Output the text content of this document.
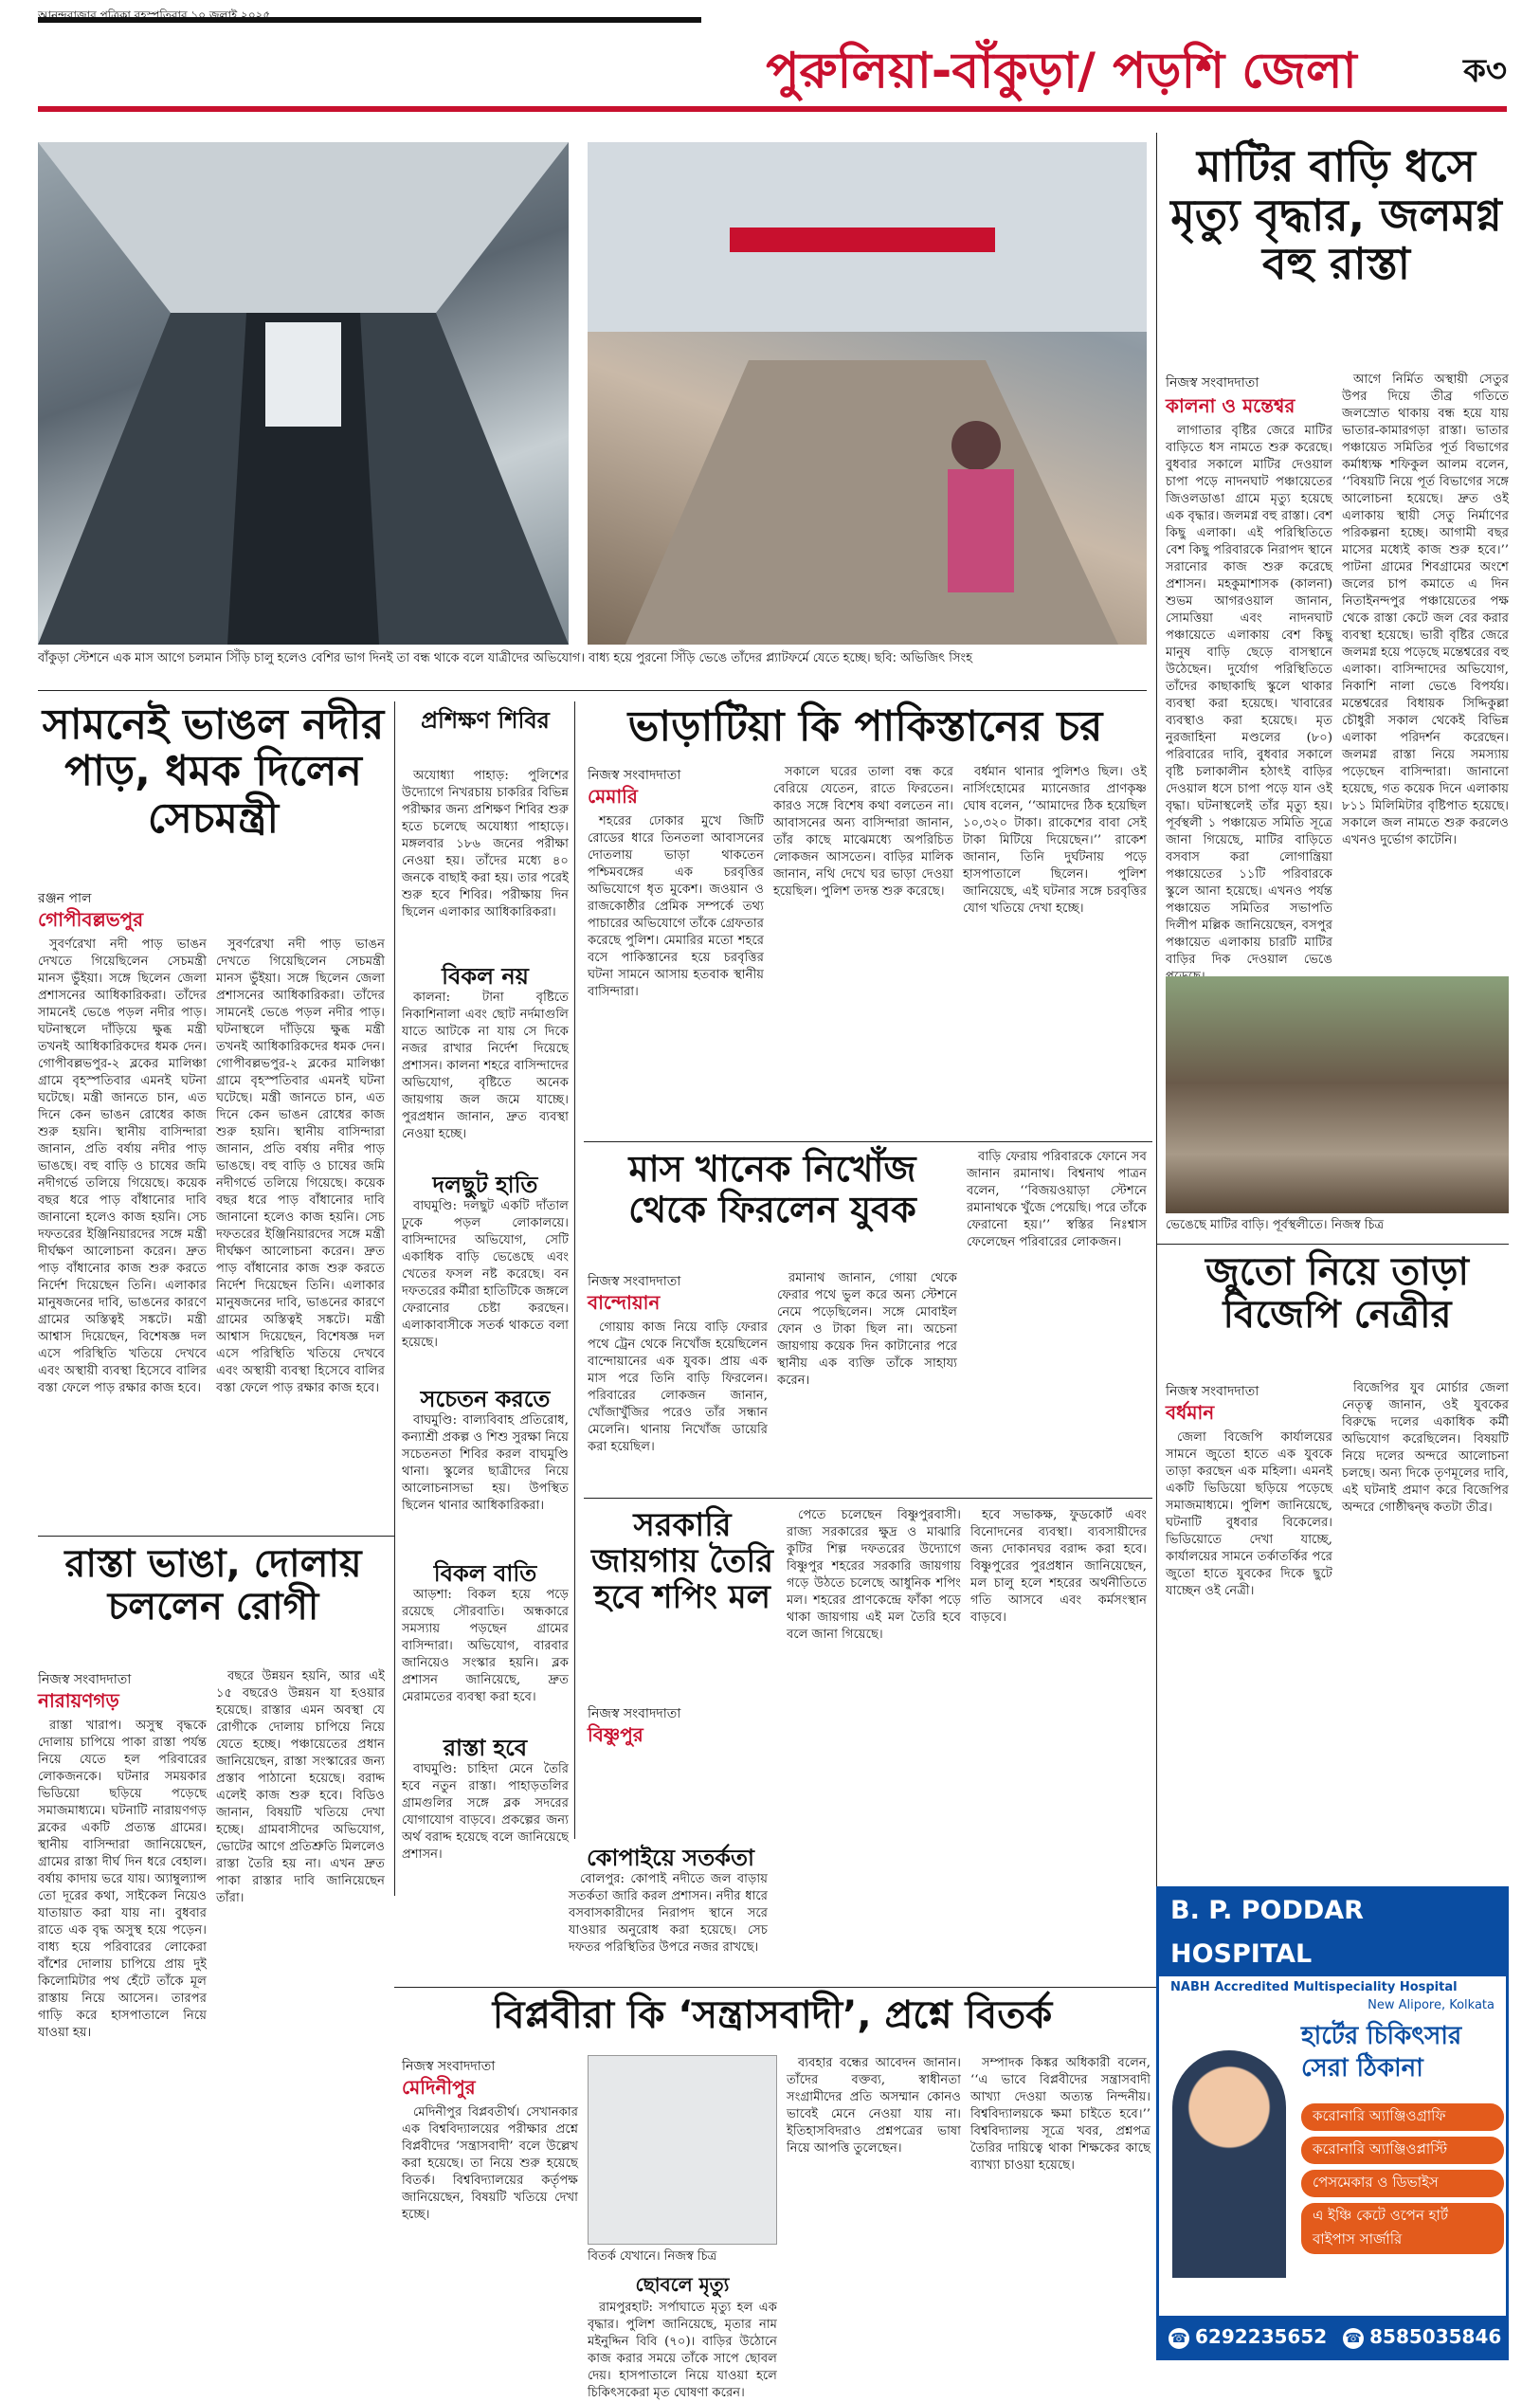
আনন্দবাজার পত্রিকা বৃহস্পতিবার ১০ জুলাই ২০২৫
পুরুলিয়া-বাঁকুড়া/ পড়শি জেলা	ক৩
বাঁকুড়া স্টেশনে এক মাস আগে চলমান সিঁড়ি চালু হলেও বেশির ভাগ দিনই তা বন্ধ থাকে বলে যাত্রীদের অভিযোগ। বাধ্য হয়ে পুরনো সিঁড়ি ভেঙে তাঁদের প্ল্যাটফর্মে যেতে হচ্ছে। ছবি: অভিজিৎ সিংহ
মাটির বাড়ি ধসে মৃত্যু বৃদ্ধার, জলমগ্ন বহু রাস্তা
নিজস্ব সংবাদদাতা
কালনা ও মন্তেশ্বর

লাগাতার বৃষ্টির জেরে মাটির বাড়িতে ধস নামতে শুরু করেছে। বুধবার সকালে মাটির দেওয়াল চাপা পড়ে নাদনঘাট পঞ্চায়েতের জিওলডাঙা গ্রামে মৃত্যু হয়েছে এক বৃদ্ধার। জলমগ্ন বহু রাস্তা। বেশ কিছু এলাকা। এই পরিস্থিতিতে বেশ কিছু পরিবারকে নিরাপদ স্থানে সরানোর কাজ শুরু করেছে প্রশাসন। মহকুমাশাসক (কালনা) শুভম আগরওয়াল জানান, সোমত্তিয়া এবং নাদনঘাট পঞ্চায়েতে এলাকায় বেশ কিছু মানুষ বাড়ি ছেড়ে বাসস্থানে উঠেছেন। দুর্যোগ পরিস্থিতিতে তাঁদের কাছাকাছি স্কুলে থাকার ব্যবস্থা করা হয়েছে। খাবারের ব্যবস্থাও করা হয়েছে। মৃত নুরজাহিনা মণ্ডলের (৮০) পরিবারের দাবি, বুধবার সকালে বৃষ্টি চলাকালীন হঠাৎই বাড়ির দেওয়াল ধসে চাপা পড়ে যান ওই বৃদ্ধা। ঘটনাস্থলেই তাঁর মৃত্যু হয়। পূর্বস্থলী ১ পঞ্চায়েত সমিতি সূত্রে জানা গিয়েছে, মাটির বাড়িতে বসবাস করা লোগান্ত্রিয়া পঞ্চায়েতের ১১টি পরিবারকে স্কুলে আনা হয়েছে। এখনও পর্যন্ত পঞ্চায়েত সমিতির সভাপতি দিলীপ মল্লিক জানিয়েছেন, বসপুর পঞ্চায়েত এলাকায় চারটি মাটির বাড়ির দিক দেওয়াল ভেঙে

আগে নির্মিত অস্থায়ী সেতুর উপর দিয়ে তীব্র গতিতে জলস্রোত থাকায় বন্ধ হয়ে যায় ভাতার-কামারগড়া রাস্তা। ভাতার পঞ্চায়েত সমিতির পূর্ত বিভাগের কর্মাধ্যক্ষ শফিকুল আলম বলেন, ‘‘বিষয়টি নিয়ে পূর্ত বিভাগের সঙ্গে আলোচনা হয়েছে। দ্রুত ওই এলাকায় স্থায়ী সেতু নির্মাণের পরিকল্পনা হচ্ছে। আগামী বছর মাসের মধ্যেই কাজ শুরু হবে।’’ পাটনা গ্রামের শিবগ্রামের অংশে জলের চাপ কমাতে এ দিন নিতাইনন্দপুর পঞ্চায়েতের পক্ষ থেকে রাস্তা কেটে জল বের করার ব্যবস্থা হয়েছে। ভারী বৃষ্টির জেরে জলমগ্ন হয়ে পড়েছে মন্তেশ্বরের বহু এলাকা। বাসিন্দাদের অভিযোগ, নিকাশি নালা ভেঙে বিপর্যয়। মন্তেশ্বরের বিধায়ক সিদ্দিকুল্লা চৌধুরী সকাল থেকেই বিভিন্ন এলাকা পরিদর্শন করেছেন। জলমগ্ন রাস্তা নিয়ে সমস্যায় পড়েছেন বাসিন্দারা। জানানো হয়েছে, গত কয়েক দিনে এলাকায় ৮১১ মিলিমিটার বৃষ্টিপাত হয়েছে। সকালে জল নামতে শুরু করলেও এখনও দুর্ভোগ কাটেনি।

ভেঙেছে মাটির বাড়ি। পূর্বস্থলীতে। নিজস্ব চিত্র
সামনেই ভাঙল নদীর পাড়, ধমক দিলেন সেচমন্ত্রী
রঞ্জন পাল
গোপীবল্লভপুর

সুবর্ণরেখা নদী পাড় ভাঙন দেখতে গিয়েছিলেন সেচমন্ত্রী মানস ভুঁইয়া। সঙ্গে ছিলেন জেলা প্রশাসনের আধিকারিকরা। তাঁদের সামনেই ভেঙে পড়ল নদীর পাড়। ঘটনাস্থলে দাঁড়িয়ে ক্ষুব্ধ মন্ত্রী তখনই আধিকারিকদের ধমক দেন। গোপীবল্লভপুর-২ ব্লকের মালিঞ্চা গ্রামে বৃহস্পতিবার এমনই ঘটনা ঘটেছে। মন্ত্রী জানতে চান, এত দিনে কেন ভাঙন রোধের কাজ শুরু হয়নি। স্থানীয় বাসিন্দারা জানান, প্রতি বর্ষায় নদীর পাড় ভাঙছে। বহু বাড়ি ও চাষের জমি নদীগর্ভে তলিয়ে গিয়েছে। কয়েক বছর ধরে পাড় বাঁধানোর দাবি জানানো হলেও কাজ হয়নি। সেচ দফতরের ইঞ্জিনিয়ারদের সঙ্গে মন্ত্রী দীর্ঘক্ষণ আলোচনা করেন। দ্রুত পাড় বাঁধানোর কাজ শুরু করতে নির্দেশ দিয়েছেন তিনি। এলাকার মানুষজনের দাবি, ভাঙনের কারণে গ্রামের অস্তিত্বই সঙ্কটে। মন্ত্রী আশ্বাস দিয়েছেন, বিশেষজ্ঞ দল এসে পরিস্থিতি খতিয়ে দেখবে এবং অস্থায়ী ব্যবস্থা হিসেবে বালির বস্তা ফেলে পাড় রক্ষার কাজ হবে।

সুবর্ণরেখা নদী পাড় ভাঙন দেখতে গিয়েছিলেন সেচমন্ত্রী মানস ভুঁইয়া। সঙ্গে ছিলেন জেলা প্রশাসনের আধিকারিকরা। তাঁদের সামনেই ভেঙে পড়ল নদীর পাড়। ঘটনাস্থলে দাঁড়িয়ে ক্ষুব্ধ মন্ত্রী তখনই আধিকারিকদের ধমক দেন। গোপীবল্লভপুর-২ ব্লকের মালিঞ্চা গ্রামে বৃহস্পতিবার এমনই ঘটনা ঘটেছে। মন্ত্রী জানতে চান, এত দিনে কেন ভাঙন রোধের কাজ শুরু হয়নি। স্থানীয় বাসিন্দারা জানান, প্রতি বর্ষায় নদীর পাড় ভাঙছে। বহু বাড়ি ও চাষের জমি নদীগর্ভে তলিয়ে গিয়েছে। কয়েক বছর ধরে পাড় বাঁধানোর দাবি জানানো হলেও কাজ হয়নি। সেচ দফতরের ইঞ্জিনিয়ারদের সঙ্গে মন্ত্রী দীর্ঘক্ষণ আলোচনা করেন। দ্রুত পাড় বাঁধানোর কাজ শুরু করতে নির্দেশ দিয়েছেন তিনি। এলাকার মানুষজনের দাবি, ভাঙনের কারণে গ্রামের অস্তিত্বই সঙ্কটে। মন্ত্রী আশ্বাস দিয়েছেন, বিশেষজ্ঞ দল এসে পরিস্থিতি খতিয়ে দেখবে এবং অস্থায়ী ব্যবস্থা হিসেবে বালির বস্তা ফেলে পাড় রক্ষার কাজ হবে।

রাস্তা ভাঙা, দোলায় চললেন রোগী
নিজস্ব সংবাদদাতা
নারায়ণগড়

রাস্তা খারাপ। অসুস্থ বৃদ্ধকে দোলায় চাপিয়ে পাকা রাস্তা পর্যন্ত নিয়ে যেতে হল পরিবারের লোকজনকে। ঘটনার সময়কার ভিডিয়ো ছড়িয়ে পড়েছে সমাজমাধ্যমে। ঘটনাটি নারায়ণগড় ব্লকের একটি প্রত্যন্ত গ্রামের। স্থানীয় বাসিন্দারা জানিয়েছেন, গ্রামের রাস্তা দীর্ঘ দিন ধরে বেহাল। বর্ষায় কাদায় ভরে যায়। অ্যাম্বুল্যান্স তো দূরের কথা, সাইকেল নিয়েও যাতায়াত করা যায় না। বুধবার রাতে এক বৃদ্ধ অসুস্থ হয়ে পড়েন। বাধ্য হয়ে পরিবারের লোকেরা বাঁশের দোলায় চাপিয়ে প্রায় দুই কিলোমিটার পথ হেঁটে তাঁকে মূল রাস্তায় নিয়ে আসেন। তারপর গাড়ি করে হাসপাতালে নিয়ে যাওয়া হয়।

বছরে উন্নয়ন হয়নি, আর এই ১৫ বছরেও উন্নয়ন যা হওয়ার হয়েছে। রাস্তার এমন অবস্থা যে রোগীকে দোলায় চাপিয়ে নিয়ে যেতে হচ্ছে। পঞ্চায়েতের প্রধান জানিয়েছেন, রাস্তা সংস্কারের জন্য প্রস্তাব পাঠানো হয়েছে। বরাদ্দ এলেই কাজ শুরু হবে। বিডিও জানান, বিষয়টি খতিয়ে দেখা হচ্ছে। গ্রামবাসীদের অভিযোগ, ভোটের আগে প্রতিশ্রুতি মিললেও রাস্তা তৈরি হয় না। এখন দ্রুত পাকা রাস্তার দাবি জানিয়েছেন তাঁরা।

প্রশিক্ষণ শিবির

অযোধ্যা পাহাড়: পুলিশের উদ্যোগে নিখরচায় চাকরির বিভিন্ন পরীক্ষার জন্য প্রশিক্ষণ শিবির শুরু হতে চলেছে অযোধ্যা পাহাড়ে। মঙ্গলবার ১৮৬ জনের পরীক্ষা নেওয়া হয়। তাঁদের মধ্যে ৪০ জনকে বাছাই করা হয়। তার পরেই শুরু হবে শিবির। পরীক্ষায় দিন ছিলেন এলাকার আধিকারিকরা।

বিকল নয়

কালনা: টানা বৃষ্টিতে নিকাশিনালা এবং ছোট নর্দমাগুলি যাতে আটকে না যায় সে দিকে নজর রাখার নির্দেশ দিয়েছে প্রশাসন। কালনা শহরে বাসিন্দাদের অভিযোগ, বৃষ্টিতে অনেক জায়গায় জল জমে যাচ্ছে। পুরপ্রধান জানান, দ্রুত ব্যবস্থা নেওয়া হচ্ছে।

দলছুট হাতি

বাঘমুণ্ডি: দলছুট একটি দাঁতাল ঢুকে পড়ল লোকালয়ে। বাসিন্দাদের অভিযোগ, সেটি একাধিক বাড়ি ভেঙেছে এবং খেতের ফসল নষ্ট করেছে। বন দফতরের কর্মীরা হাতিটিকে জঙ্গলে ফেরানোর চেষ্টা করছেন। এলাকাবাসীকে সতর্ক থাকতে বলা হয়েছে।

সচেতন করতে

বাঘমুণ্ডি: বাল্যবিবাহ প্রতিরোধ, কন্যাশ্রী প্রকল্প ও শিশু সুরক্ষা নিয়ে সচেতনতা শিবির করল বাঘমুণ্ডি থানা। স্কুলের ছাত্রীদের নিয়ে আলোচনাসভা হয়। উপস্থিত ছিলেন থানার আধিকারিকরা।

বিকল বাতি

আড়শা: বিকল হয়ে পড়ে রয়েছে সৌরবাতি। অন্ধকারে সমস্যায় পড়ছেন গ্রামের বাসিন্দারা। অভিযোগ, বারবার জানিয়েও সংস্কার হয়নি। ব্লক প্রশাসন জানিয়েছে, দ্রুত মেরামতের ব্যবস্থা করা হবে।

রাস্তা হবে

বাঘমুণ্ডি: চাহিদা মেনে তৈরি হবে নতুন রাস্তা। পাহাড়তলির গ্রামগুলির সঙ্গে ব্লক সদরের যোগাযোগ বাড়বে। প্রকল্পের জন্য অর্থ বরাদ্দ হয়েছে বলে জানিয়েছে প্রশাসন।	কোপাইয়ে সতর্কতা

বোলপুর: কোপাই নদীতে জল বাড়ায় সতর্কতা জারি করল প্রশাসন। নদীর ধারে বসবাসকারীদের নিরাপদ স্থানে সরে যাওয়ার অনুরোধ করা হয়েছে। সেচ দফতর পরিস্থিতির উপরে নজর রাখছে।

ভাড়াটিয়া কি পাকিস্তানের চর
নিজস্ব সংবাদদাতা
মেমারি

শহরের ঢোকার মুখে জিটি রোডের ধারে তিনতলা আবাসনের দোতলায় ভাড়া থাকতেন পশ্চিমবঙ্গের এক চরবৃত্তির অভিযোগে ধৃত মুকেশ। জওয়ান ও রাজকোষ্ঠীর প্রেমিক সম্পর্কে তথ্য পাচারের অভিযোগে তাঁকে গ্রেফতার করেছে পুলিশ। মেমারির মতো শহরে বসে পাকিস্তানের হয়ে চরবৃত্তির ঘটনা সামনে আসায় হতবাক স্থানীয় বাসিন্দারা।

সকালে ঘরের তালা বন্ধ করে বেরিয়ে যেতেন, রাতে ফিরতেন। কারও সঙ্গে বিশেষ কথা বলতেন না। আবাসনের অন্য বাসিন্দারা জানান, তাঁর কাছে মাঝেমধ্যে অপরিচিত লোকজন আসতেন। বাড়ির মালিক জানান, নথি দেখে ঘর ভাড়া দেওয়া হয়েছিল। পুলিশ তদন্ত শুরু করেছে।

বর্ধমান থানার পুলিশও ছিল। ওই নার্সিংহোমের ম্যানেজার প্রাণকৃষ্ণ ঘোষ বলেন, ‘‘আমাদের ঠিক হয়েছিল ১০,৩২০ টাকা। রাকেশের বাবা সেই টাকা মিটিয়ে দিয়েছেন।’’ রাকেশ জানান, তিনি দুর্ঘটনায় পড়ে হাসপাতালে ছিলেন। পুলিশ জানিয়েছে, এই ঘটনার সঙ্গে চরবৃত্তির যোগ খতিয়ে দেখা হচ্ছে।

মাস খানেক নিখোঁজ থেকে ফিরলেন যুবক
নিজস্ব সংবাদদাতা
বান্দোয়ান

গোয়ায় কাজ নিয়ে বাড়ি ফেরার পথে ট্রেন থেকে নিখোঁজ হয়েছিলেন বান্দোয়ানের এক যুবক। প্রায় এক মাস পরে তিনি বাড়ি ফিরলেন। পরিবারের লোকজন জানান, খোঁজাখুঁজির পরেও তাঁর সন্ধান মেলেনি। থানায় নিখোঁজ ডায়েরি করা হয়েছিল।

রমানাথ জানান, গোয়া থেকে ফেরার পথে ভুল করে অন্য স্টেশনে নেমে পড়েছিলেন। সঙ্গে মোবাইল ফোন ও টাকা ছিল না। অচেনা জায়গায় কয়েক দিন কাটানোর পরে স্থানীয় এক ব্যক্তি তাঁকে সাহায্য করেন।

বাড়ি ফেরায় পরিবারকে ফোনে সব জানান রমানাথ। বিশ্বনাথ পাত্রন বলেন, ‘‘বিজয়ওয়াড়া স্টেশনে রমানাথকে খুঁজে পেয়েছি। পরে তাঁকে ফেরানো হয়।’’ স্বস্তির নিঃশ্বাস ফেলেছেন পরিবারের লোকজন।

সরকারি জায়গায় তৈরি হবে শপিং মল
নিজস্ব সংবাদদাতা
বিষ্ণুপুর

পেতে চলেছেন বিষ্ণুপুরবাসী। রাজ্য সরকারের ক্ষুদ্র ও মাঝারি কুটির শিল্প দফতরের উদ্যোগে বিষ্ণুপুর শহরের সরকারি জায়গায় গড়ে উঠতে চলেছে আধুনিক শপিং মল। শহরের প্রাণকেন্দ্রে ফাঁকা পড়ে থাকা জায়গায় এই মল তৈরি হবে বলে জানা গিয়েছে।

হবে সভাকক্ষ, ফুডকোর্ট এবং বিনোদনের ব্যবস্থা। ব্যবসায়ীদের জন্য দোকানঘর বরাদ্দ করা হবে। বিষ্ণুপুরের পুরপ্রধান জানিয়েছেন, মল চালু হলে শহরের অর্থনীতিতে গতি আসবে এবং কর্মসংস্থান বাড়বে।

বিপ্লবীরা কি ‘সন্ত্রাসবাদী’, প্রশ্নে বিতর্ক
নিজস্ব সংবাদদাতা
মেদিনীপুর

মেদিনীপুর বিপ্লবতীর্থ। সেখানকার এক বিশ্ববিদ্যালয়ের পরীক্ষার প্রশ্নে বিপ্লবীদের ‘সন্ত্রাসবাদী’ বলে উল্লেখ করা হয়েছে। তা নিয়ে শুরু হয়েছে বিতর্ক। বিশ্ববিদ্যালয়ের কর্তৃপক্ষ জানিয়েছেন, বিষয়টি খতিয়ে দেখা হচ্ছে।

বিতর্ক যেখানে। নিজস্ব চিত্র

ব্যবহার বন্ধের আবেদন জানান। তাঁদের বক্তব্য, স্বাধীনতা সংগ্রামীদের প্রতি অসম্মান কোনও ভাবেই মেনে নেওয়া যায় না। ইতিহাসবিদরাও প্রশ্নপত্রের ভাষা নিয়ে আপত্তি তুলেছেন।

সম্পাদক কিঙ্কর অধিকারী বলেন, ‘‘এ ভাবে বিপ্লবীদের সন্ত্রাসবাদী আখ্যা দেওয়া অত্যন্ত নিন্দনীয়। বিশ্ববিদ্যালয়কে ক্ষমা চাইতে হবে।’’ বিশ্ববিদ্যালয় সূত্রে খবর, প্রশ্নপত্র তৈরির দায়িত্বে থাকা শিক্ষকের কাছে ব্যাখ্যা চাওয়া হয়েছে।

ছোবলে মৃত্যু

রামপুরহাট: সর্পাঘাতে মৃত্যু হল এক বৃদ্ধার। পুলিশ জানিয়েছে, মৃতার নাম মইনুদ্দিন বিবি (৭০)। বাড়ির উঠোনে কাজ করার সময়ে তাঁকে সাপে ছোবল দেয়। হাসপাতালে নিয়ে যাওয়া হলে চিকিৎসকেরা মৃত ঘোষণা করেন।

জুতো নিয়ে তাড়া বিজেপি নেত্রীর
নিজস্ব সংবাদদাতা
বর্ধমান

জেলা বিজেপি কার্যালয়ের সামনে জুতো হাতে এক যুবকে তাড়া করছেন এক মহিলা। এমনই একটি ভিডিয়ো ছড়িয়ে পড়েছে সমাজমাধ্যমে। পুলিশ জানিয়েছে, ঘটনাটি বুধবার বিকেলের। ভিডিয়োতে দেখা যাচ্ছে, কার্যালয়ের সামনে তর্কাতর্কির পরে জুতো হাতে যুবকের দিকে ছুটে যাচ্ছেন ওই নেত্রী।

বিজেপির যুব মোর্চার জেলা নেতৃত্ব জানান, ওই যুবকের বিরুদ্ধে দলের একাধিক কর্মী অভিযোগ করেছিলেন। বিষয়টি নিয়ে দলের অন্দরে আলোচনা চলছে। অন্য দিকে তৃণমূলের দাবি, এই ঘটনাই প্রমাণ করে বিজেপির অন্দরে গোষ্ঠীদ্বন্দ্ব কতটা তীব্র।

B. P. PODDAR HOSPITAL
NABH Accredited Multispeciality Hospital
New Alipore, Kolkata
হার্টের চিকিৎসার সেরা ঠিকানা
করোনারি অ্যাঞ্জিওগ্রাফি
করোনারি অ্যাঞ্জিওপ্লাস্টি
পেসমেকার ও ডিভাইস
এ ইঞ্চি কেটে ওপেন হার্ট বাইপাস সার্জারি
☎ 6292235652 ☎ 8585035846
